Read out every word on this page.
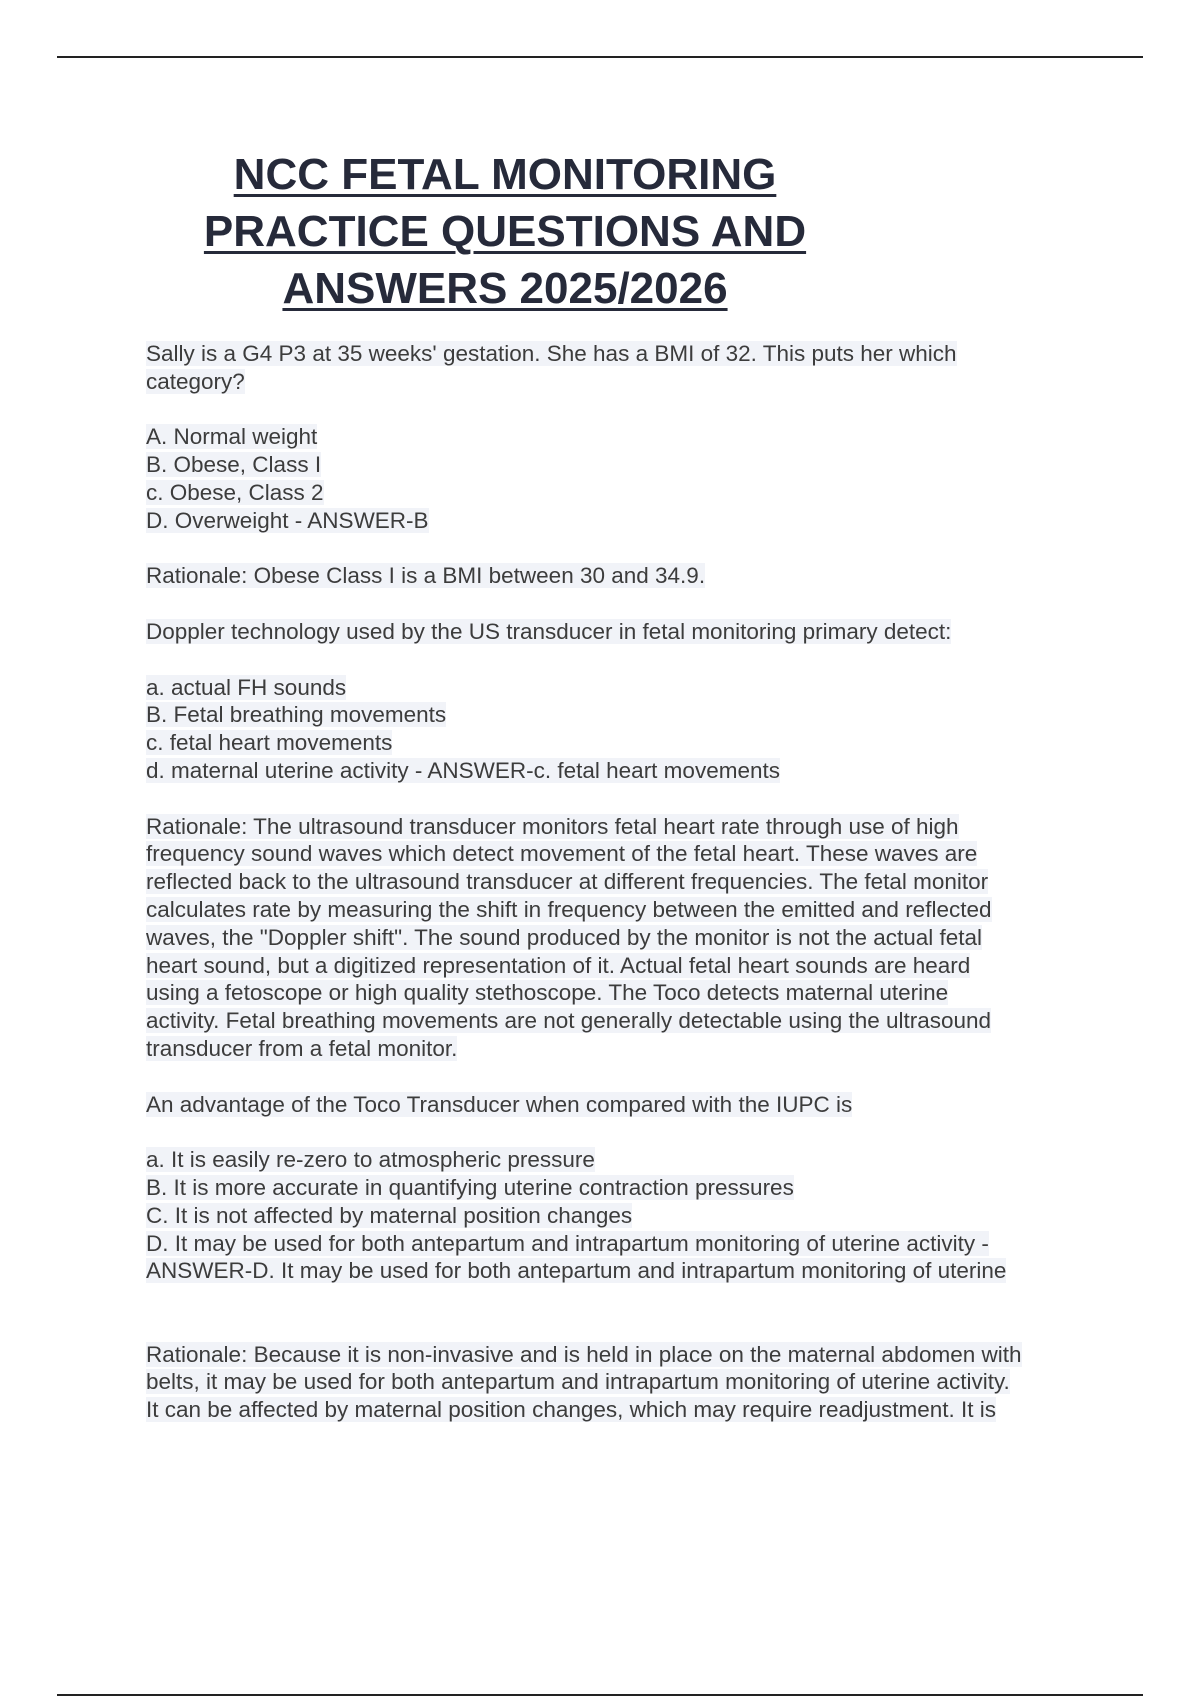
NCC FETAL MONITORING
PRACTICE QUESTIONS AND
ANSWERS 2025/2026

Sally is a G4 P3 at 35 weeks' gestation. She has a BMI of 32. This puts her which

category?

A. Normal weight

B. Obese, Class I

c. Obese, Class 2

D. Overweight - ANSWER-B

Rationale: Obese Class I is a BMI between 30 and 34.9.

Doppler technology used by the US transducer in fetal monitoring primary detect:

a. actual FH sounds

B. Fetal breathing movements

c. fetal heart movements

d. maternal uterine activity - ANSWER-c. fetal heart movements

Rationale: The ultrasound transducer monitors fetal heart rate through use of high

frequency sound waves which detect movement of the fetal heart. These waves are

reflected back to the ultrasound transducer at different frequencies. The fetal monitor

calculates rate by measuring the shift in frequency between the emitted and reflected

waves, the "Doppler shift". The sound produced by the monitor is not the actual fetal

heart sound, but a digitized representation of it. Actual fetal heart sounds are heard

using a fetoscope or high quality stethoscope. The Toco detects maternal uterine

activity. Fetal breathing movements are not generally detectable using the ultrasound

transducer from a fetal monitor.

An advantage of the Toco Transducer when compared with the IUPC is

a. It is easily re-zero to atmospheric pressure

B. It is more accurate in quantifying uterine contraction pressures

C. It is not affected by maternal position changes

D. It may be used for both antepartum and intrapartum monitoring of uterine activity -

ANSWER-D. It may be used for both antepartum and intrapartum monitoring of uterine

Rationale: Because it is non-invasive and is held in place on the maternal abdomen with

belts, it may be used for both antepartum and intrapartum monitoring of uterine activity.

It can be affected by maternal position changes, which may require readjustment. It is
